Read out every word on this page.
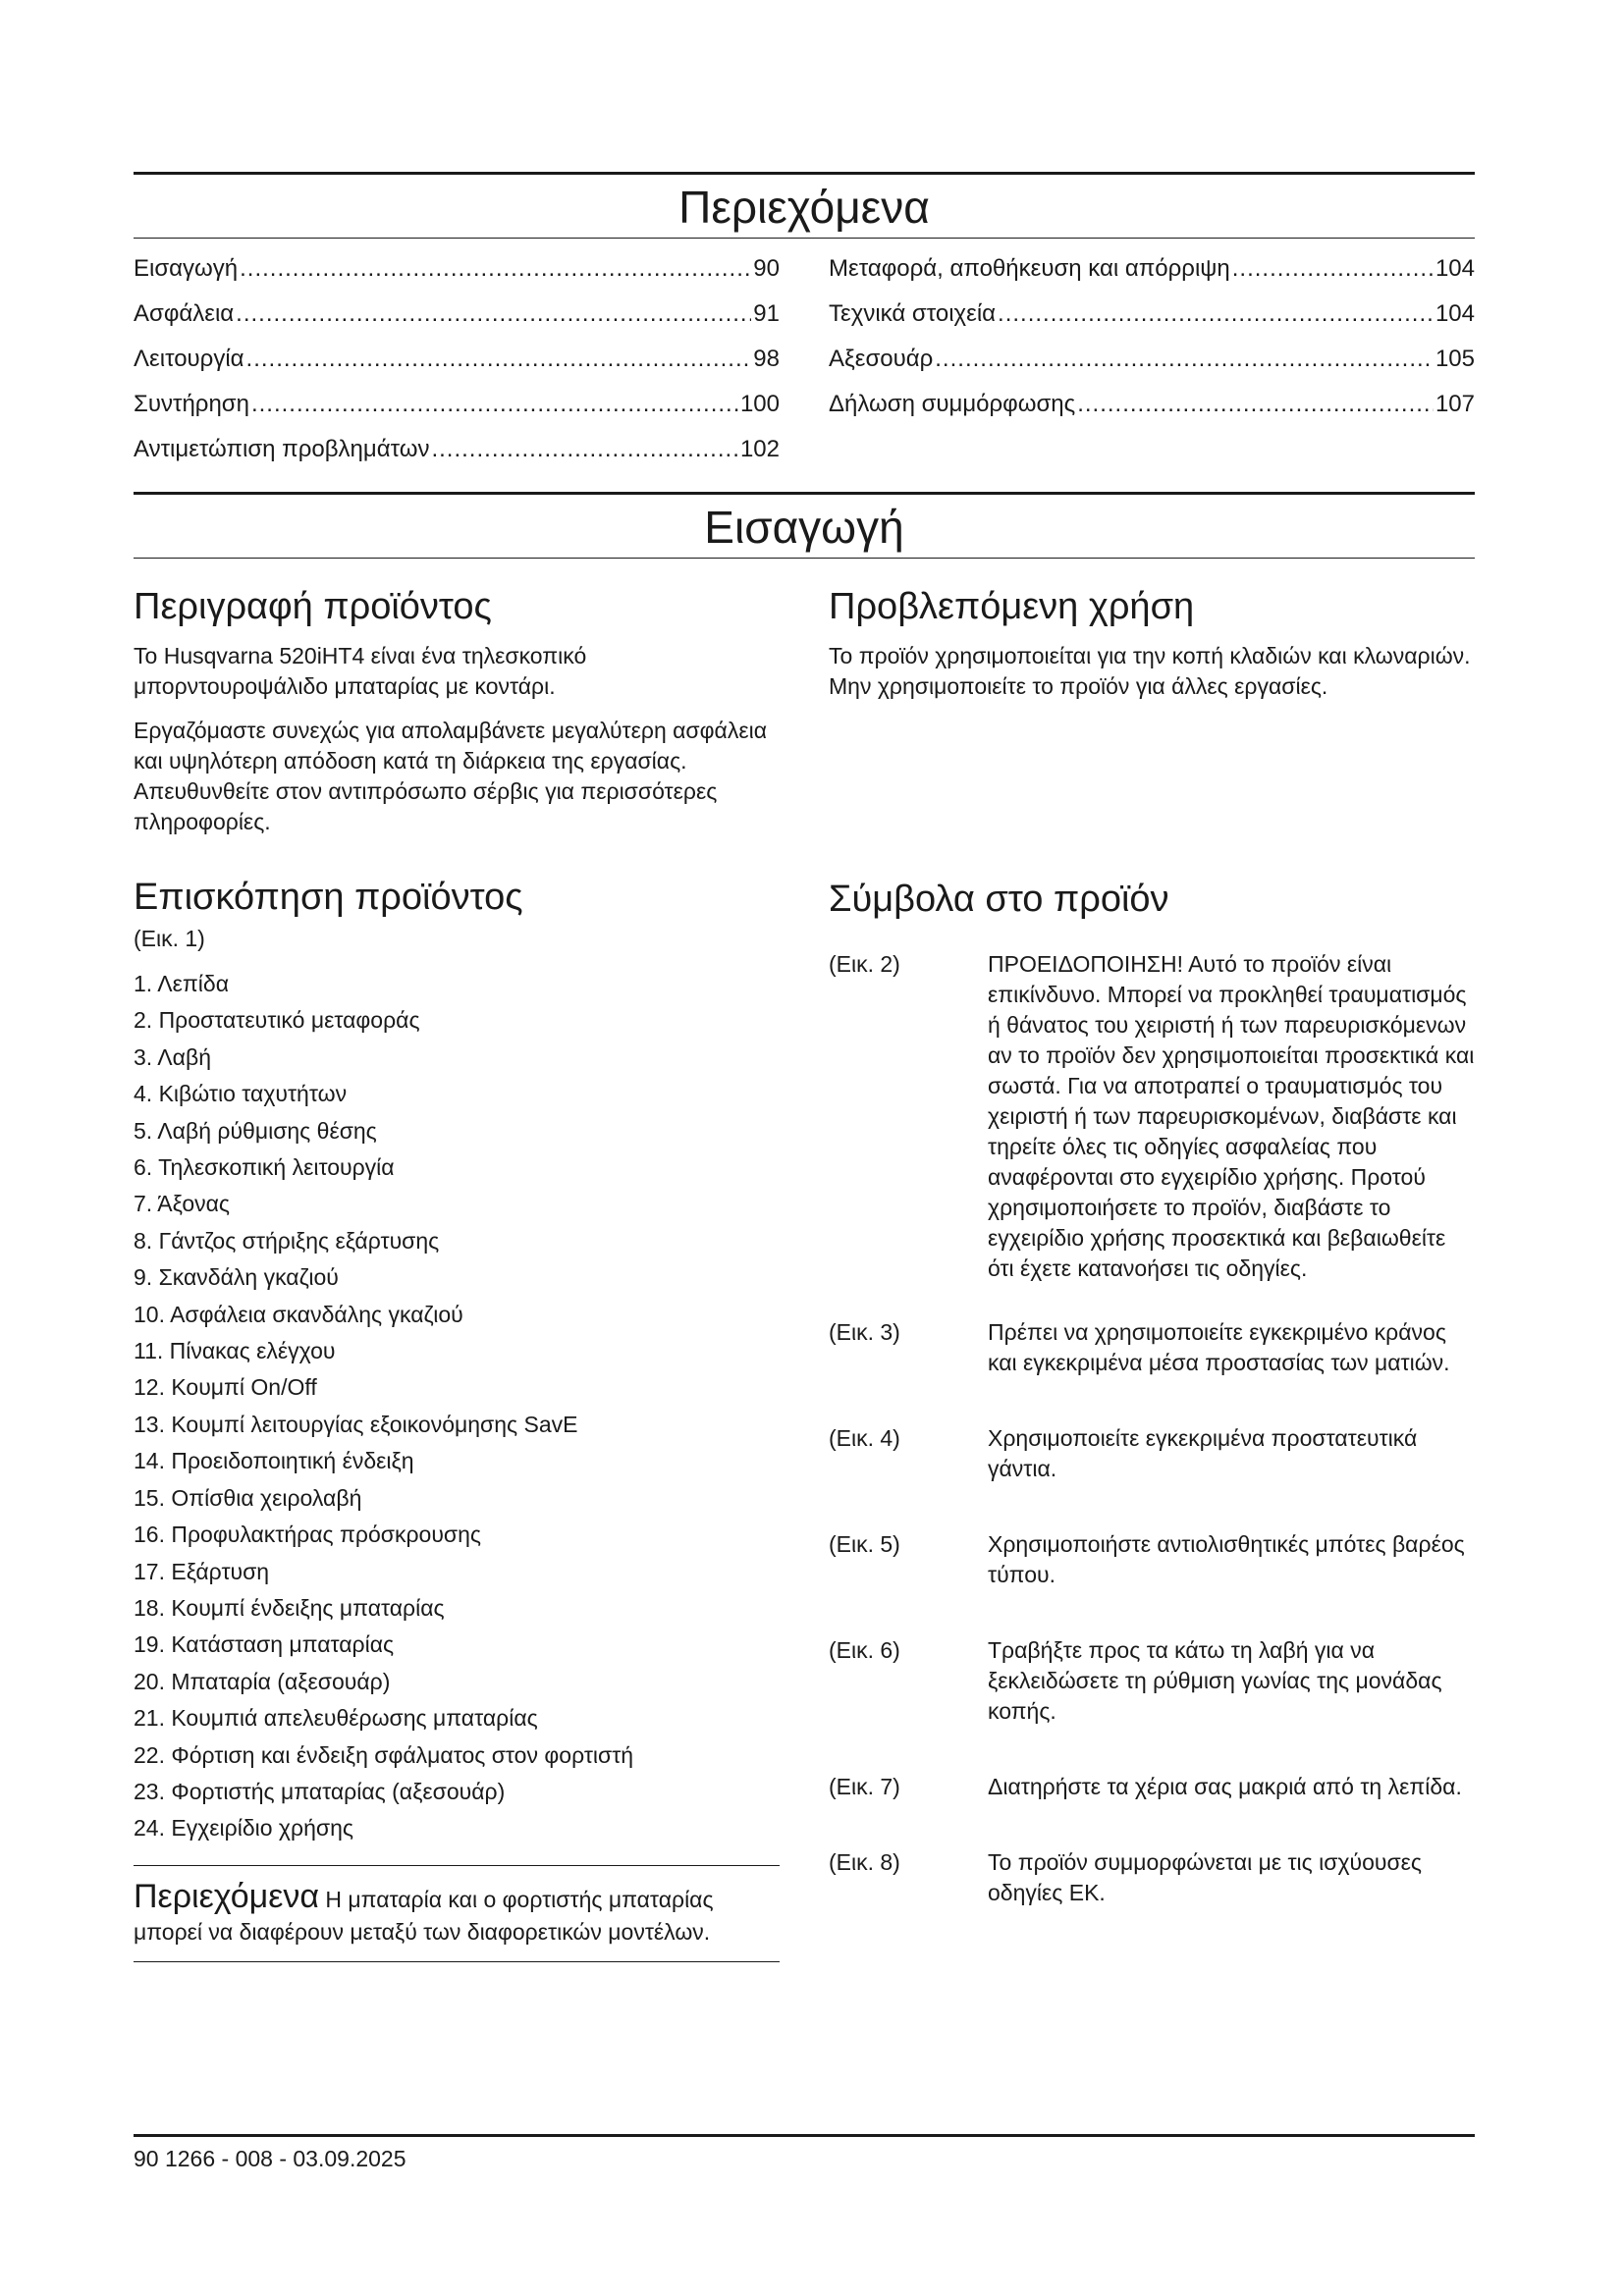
Περιεχόμενα
Εισαγωγή .....	90
Ασφάλεια .....	91
Λειτουργία .....	98
Συντήρηση .....	100
Αντιμετώπιση προβλημάτων .....	102
Μεταφορά, αποθήκευση και απόρριψη .....	104
Τεχνικά στοιχεία .....	104
Αξεσουάρ .....	105
Δήλωση συμμόρφωσης .....	107
Εισαγωγή
Περιγραφή προϊόντος

Το Husqvarna 520iHT4 είναι ένα τηλεσκοπικό μπορντουροψάλιδο μπαταρίας με κοντάρι.

Εργαζόμαστε συνεχώς για απολαμβάνετε μεγαλύτερη ασφάλεια και υψηλότερη απόδοση κατά τη διάρκεια της εργασίας. Απευθυνθείτε στον αντιπρόσωπο σέρβις για περισσότερες πληροφορίες.

Επισκόπηση προϊόντος
(Εικ. 1)
1. Λεπίδα
2. Προστατευτικό μεταφοράς
3. Λαβή
4. Κιβώτιο ταχυτήτων
5. Λαβή ρύθμισης θέσης
6. Τηλεσκοπική λειτουργία
7. Άξονας
8. Γάντζος στήριξης εξάρτυσης
9. Σκανδάλη γκαζιού
10. Ασφάλεια σκανδάλης γκαζιού
11. Πίνακας ελέγχου
12. Κουμπί On/Off
13. Κουμπί λειτουργίας εξοικονόμησης SavE
14. Προειδοποιητική ένδειξη
15. Οπίσθια χειρολαβή
16. Προφυλακτήρας πρόσκρουσης
17. Εξάρτυση
18. Κουμπί ένδειξης μπαταρίας
19. Κατάσταση μπαταρίας
20. Μπαταρία (αξεσουάρ)
21. Κουμπιά απελευθέρωσης μπαταρίας
22. Φόρτιση και ένδειξη σφάλματος στον φορτιστή
23. Φορτιστής μπαταρίας (αξεσουάρ)
24. Εγχειρίδιο χρήσης
Περιεχόμενα Η μπαταρία και ο φορτιστής μπαταρίας μπορεί να διαφέρουν μεταξύ των διαφορετικών μοντέλων.
Προβλεπόμενη χρήση

Το προϊόν χρησιμοποιείται για την κοπή κλαδιών και κλωναριών. Μην χρησιμοποιείτε το προϊόν για άλλες εργασίες.

Σύμβολα στο προϊόν
(Εικ. 2)	ΠΡΟΕΙΔΟΠΟΙΗΣΗ! Αυτό το προϊόν είναι επικίνδυνο. Μπορεί να προκληθεί τραυματισμός ή θάνατος του χειριστή ή των παρευρισκόμενων αν το προϊόν δεν χρησιμοποιείται προσεκτικά και σωστά. Για να αποτραπεί ο τραυματισμός του χειριστή ή των παρευρισκομένων, διαβάστε και τηρείτε όλες τις οδηγίες ασφαλείας που αναφέρονται στο εγχειρίδιο χρήσης. Προτού χρησιμοποιήσετε το προϊόν, διαβάστε το εγχειρίδιο χρήσης προσεκτικά και βεβαιωθείτε ότι έχετε κατανοήσει τις οδηγίες.
(Εικ. 3)	Πρέπει να χρησιμοποιείτε εγκεκριμένο κράνος και εγκεκριμένα μέσα προστασίας των ματιών.
(Εικ. 4)	Χρησιμοποιείτε εγκεκριμένα προστατευτικά γάντια.
(Εικ. 5)	Χρησιμοποιήστε αντιολισθητικές μπότες βαρέος τύπου.
(Εικ. 6)	Τραβήξτε προς τα κάτω τη λαβή για να ξεκλειδώσετε τη ρύθμιση γωνίας της μονάδας κοπής.
(Εικ. 7)	Διατηρήστε τα χέρια σας μακριά από τη λεπίδα.
(Εικ. 8)	Το προϊόν συμμορφώνεται με τις ισχύουσες οδηγίες ΕΚ.
90 1266 - 008 - 03.09.2025
